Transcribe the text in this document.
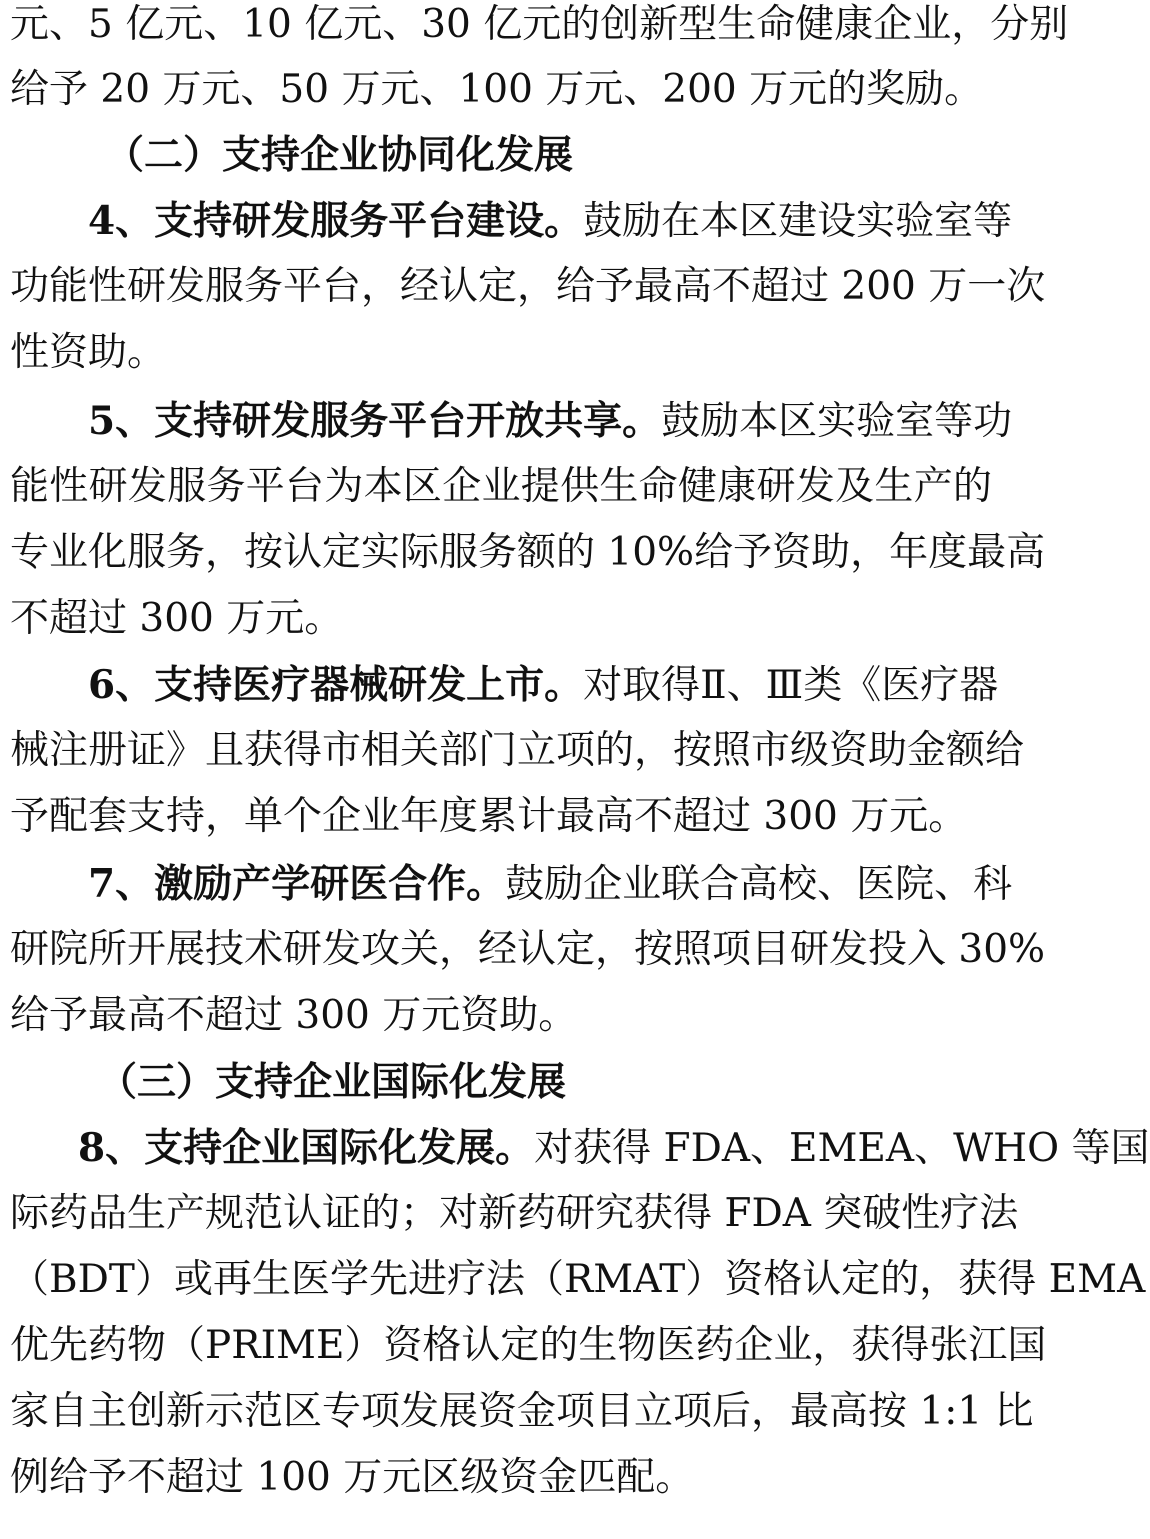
元、5 亿元、10 亿元、30 亿元的创新型生命健康企业，分别
给予 20 万元、50 万元、100 万元、200 万元的奖励。
（二）支持企业协同化发展
4、支持研发服务平台建设。鼓励在本区建设实验室等
功能性研发服务平台，经认定，给予最高不超过 200 万一次
性资助。
5、支持研发服务平台开放共享。鼓励本区实验室等功
能性研发服务平台为本区企业提供生命健康研发及生产的
专业化服务，按认定实际服务额的 10%给予资助，年度最高
不超过 300 万元。
6、支持医疗器械研发上市。对取得Ⅱ、Ⅲ类《医疗器
械注册证》且获得市相关部门立项的，按照市级资助金额给
予配套支持，单个企业年度累计最高不超过 300 万元。
7、激励产学研医合作。鼓励企业联合高校、医院、科
研院所开展技术研发攻关，经认定，按照项目研发投入 30%
给予最高不超过 300 万元资助。
（三）支持企业国际化发展
8、支持企业国际化发展。对获得 FDA、EMEA、WHO 等国
际药品生产规范认证的；对新药研究获得 FDA 突破性疗法
（BDT）或再生医学先进疗法（RMAT）资格认定的，获得 EMA
优先药物（PRIME）资格认定的生物医药企业，获得张江国
家自主创新示范区专项发展资金项目立项后，最高按 1:1 比
例给予不超过 100 万元区级资金匹配。
